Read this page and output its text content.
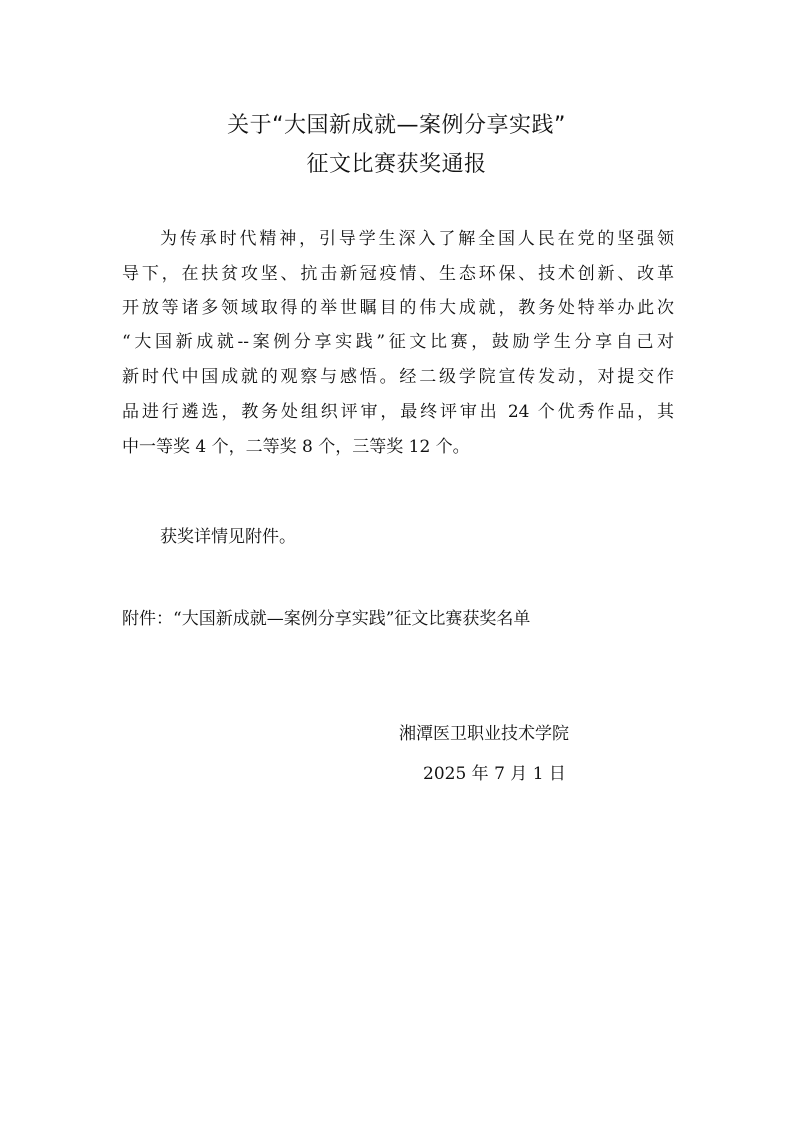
关于“大国新成就—案例分享实践”
征文比赛获奖通报
为传承时代精神，引导学生深入了解全国人民在党的坚强领
导下，在扶贫攻坚、抗击新冠疫情、生态环保、技术创新、改革
开放等诸多领域取得的举世瞩目的伟大成就，教务处特举办此次
“大国新成就--案例分享实践”征文比赛，鼓励学生分享自己对
新时代中国成就的观察与感悟。经二级学院宣传发动，对提交作
品进行遴选，教务处组织评审，最终评审出 24 个优秀作品，其
中一等奖 4 个，二等奖 8 个，三等奖 12 个。
获奖详情见附件。
附件：“大国新成就—案例分享实践”征文比赛获奖名单
湘潭医卫职业技术学院
2025 年 7 月 1 日
